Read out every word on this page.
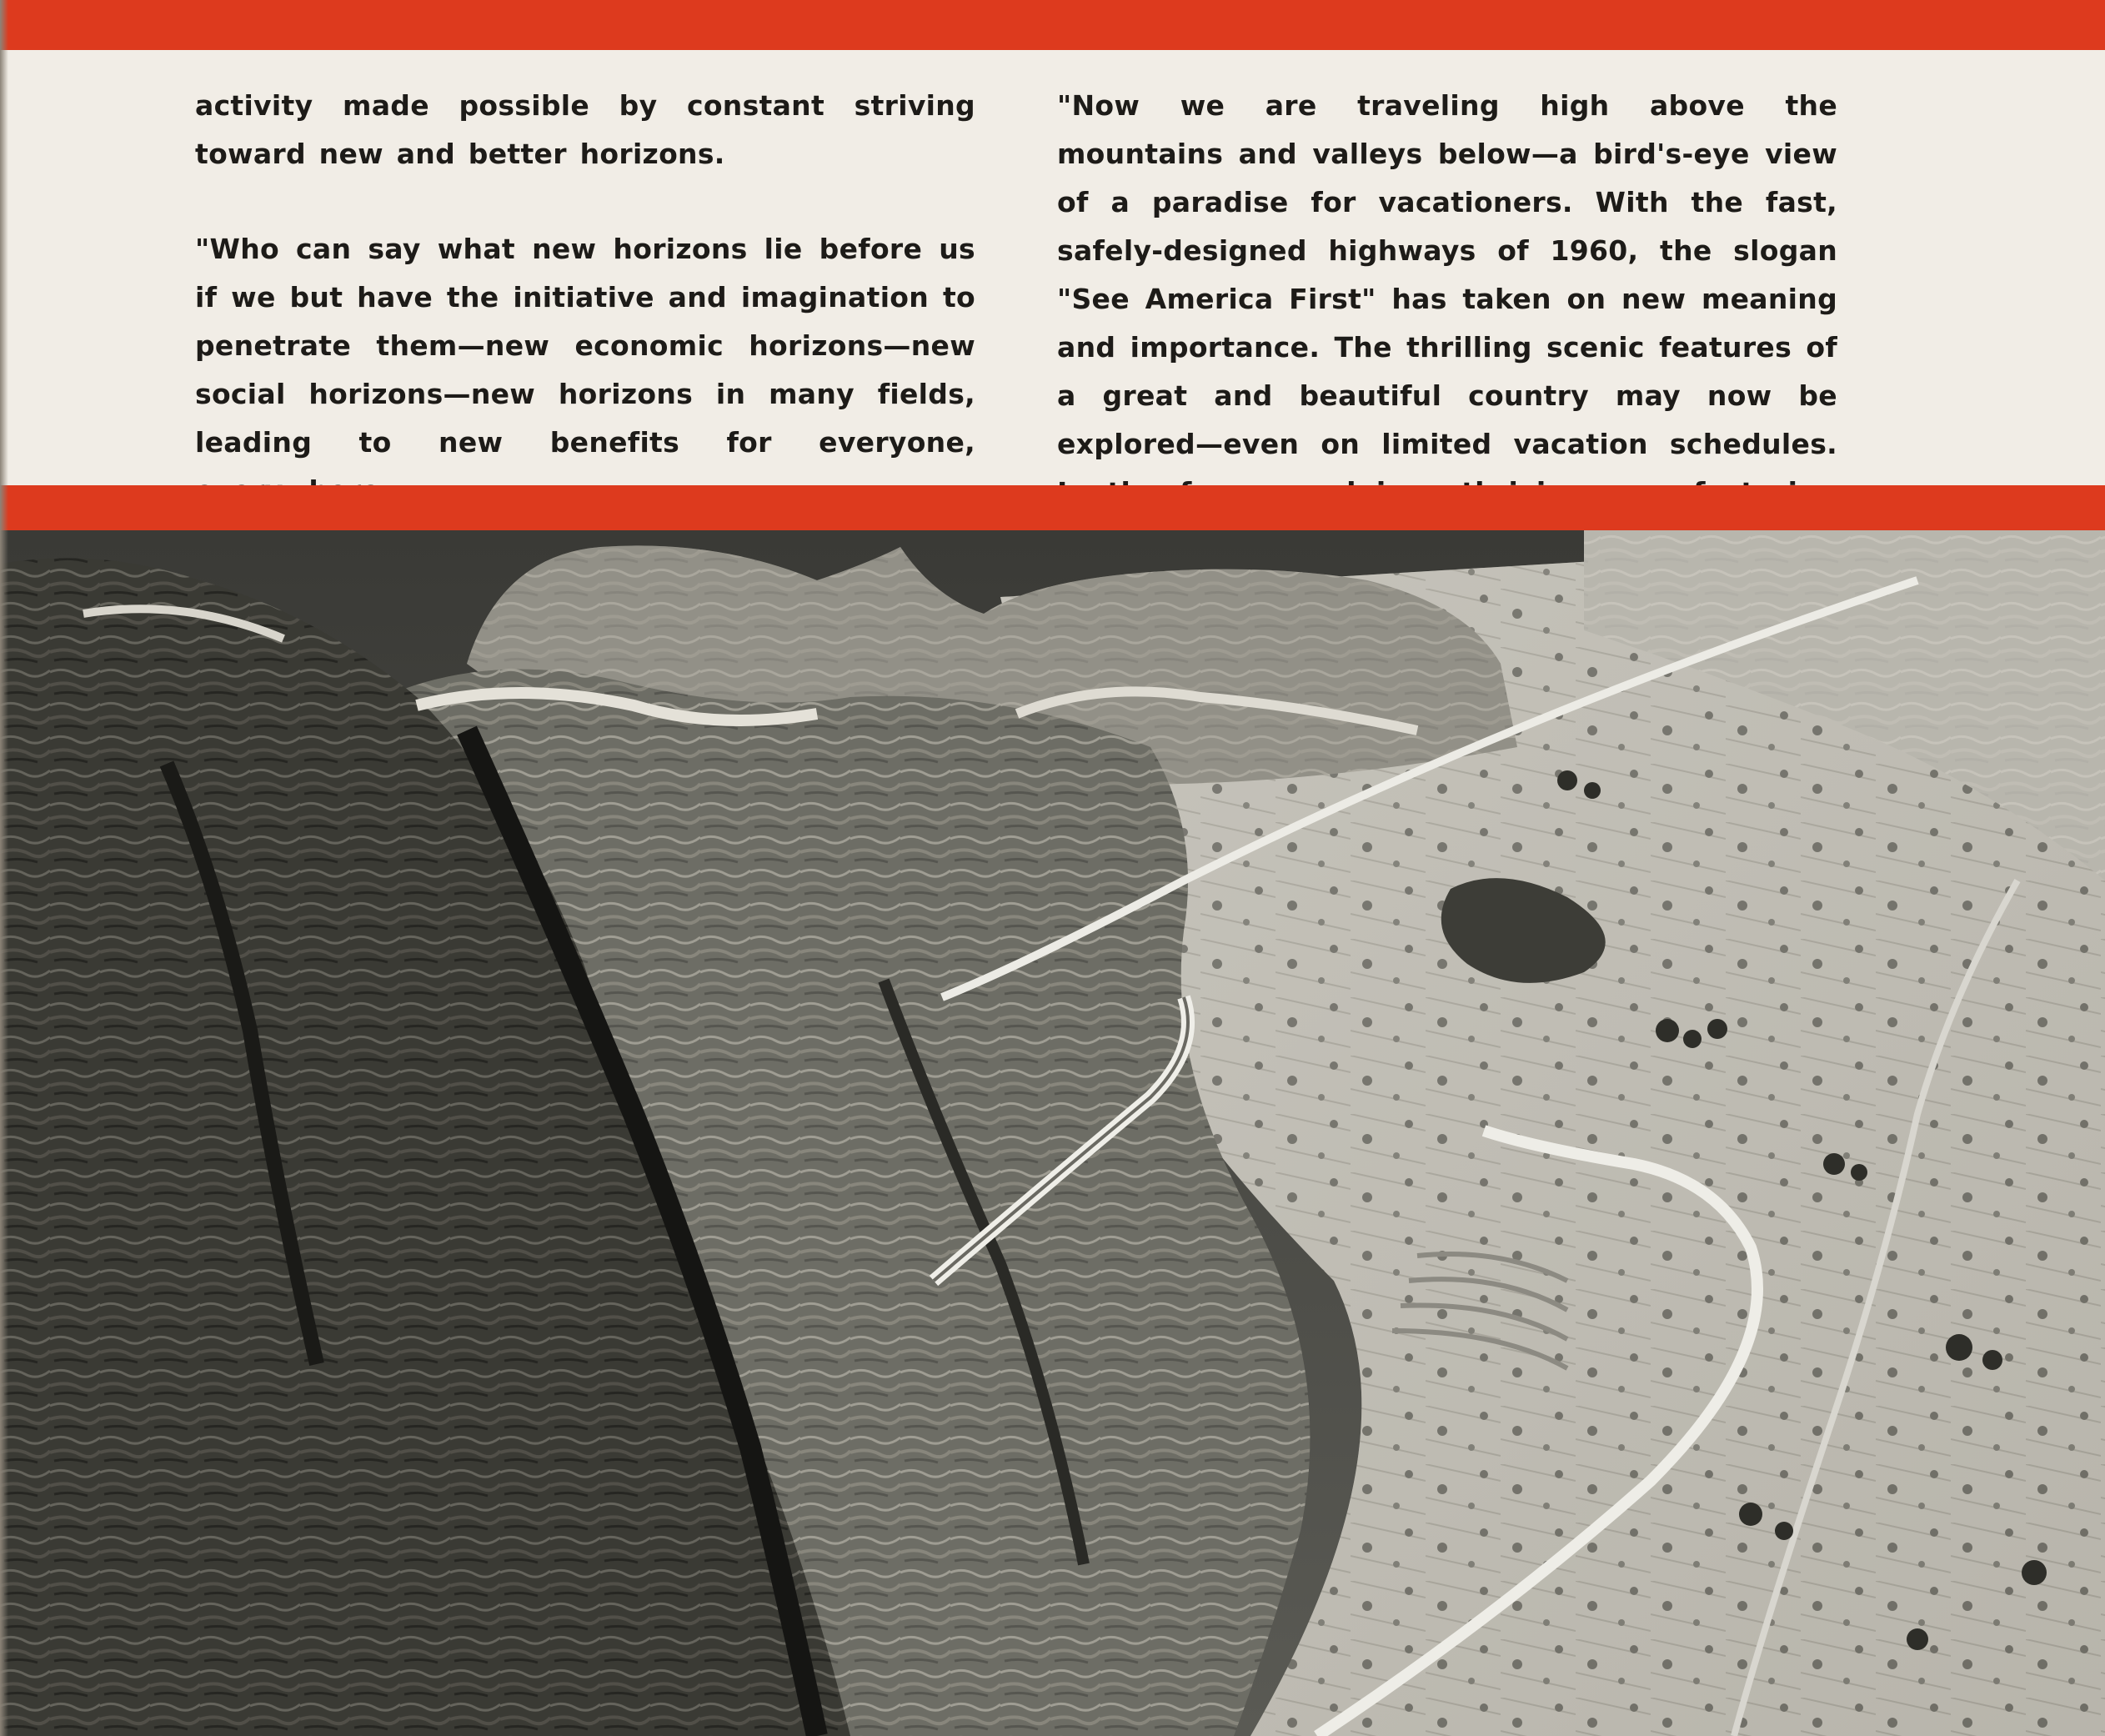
activity made possible by constant striving toward new and better horizons.

"Who can say what new horizons lie before us if we but have the initiative and imagination to penetrate them—new economic horizons—new social horizons—new horizons in many fields, leading to new benefits for everyone,

"Now we are traveling high above the mountains and valleys below—a bird's-eye view of a paradise for vacationers. With the fast, safely-designed highways of 1960, the slogan "See America First" has taken on new meaning and importance. The thrilling scenic features of a great and beautiful country may now be explored—even on limited vacation schedules.
